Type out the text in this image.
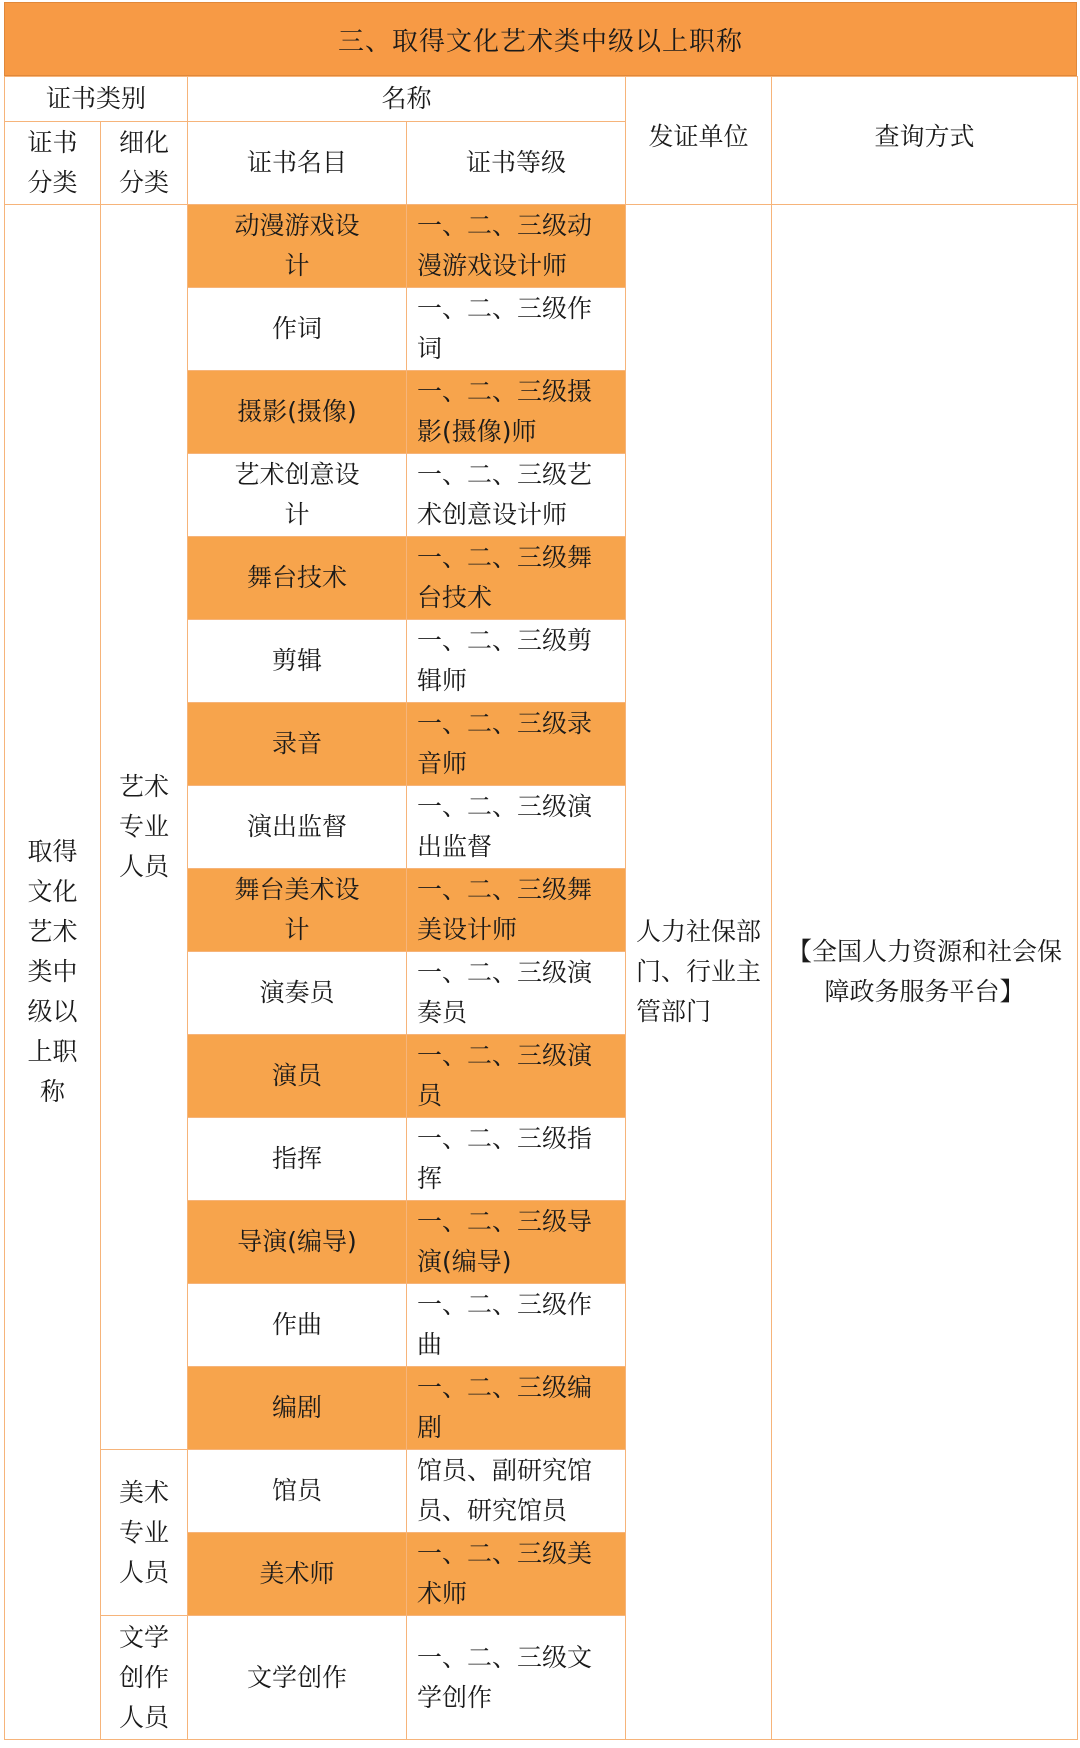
三、取得文化艺术类中级以上职称
证书类别		名称		发证单位	查询方式
证书分类	细化分类	证书名目	证书等级		
取得文化艺术类中级以上职称	艺术专业人员	动漫游戏设计	一、二、三级动漫游戏设计师	人力社保部门、行业主管部门	【全国人力资源和社会保障政务服务平台】
		作词	一、二、三级作词		
		摄影(摄像)	一、二、三级摄影(摄像)师		
		艺术创意设计	一、二、三级艺术创意设计师		
		舞台技术	一、二、三级舞台技术		
		剪辑	一、二、三级剪辑师		
		录音	一、二、三级录音师		
		演出监督	一、二、三级演出监督		
		舞台美术设计	一、二、三级舞美设计师		
		演奏员	一、二、三级演奏员		
		演员	一、二、三级演员		
		指挥	一、二、三级指挥		
		导演(编导)	一、二、三级导演(编导)		
		作曲	一、二、三级作曲		
		编剧	一、二、三级编剧		
	美术专业人员	馆员	馆员、副研究馆员、研究馆员		
		美术师	一、二、三级美术师		
	文学创作人员	文学创作	一、二、三级文学创作		
